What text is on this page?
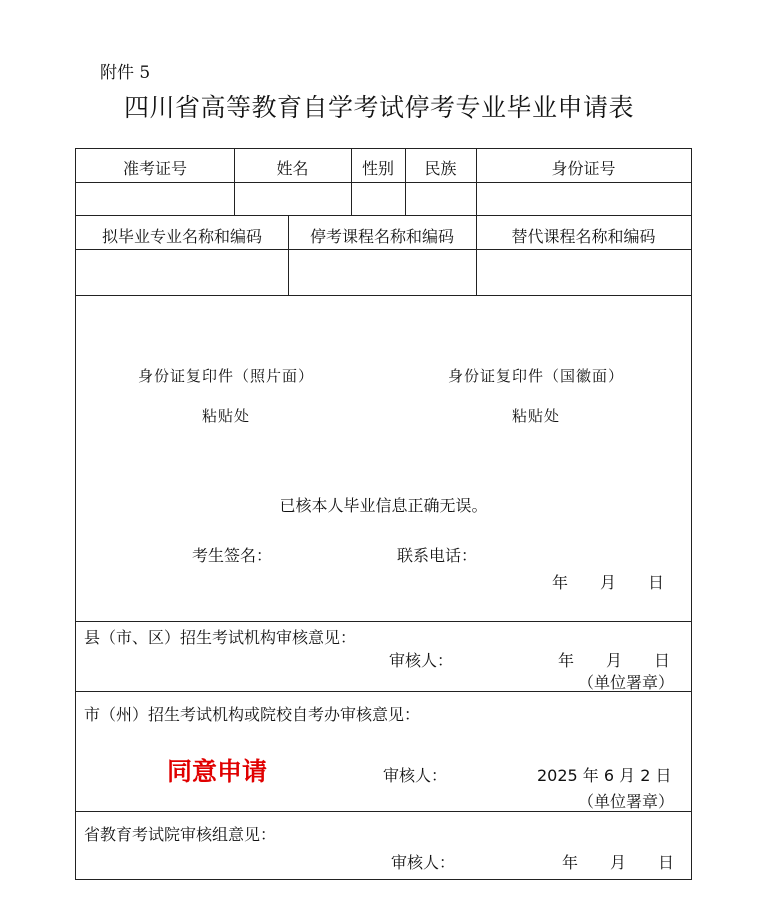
附件 5
四川省高等教育自学考试停考专业毕业申请表
准考证号	姓名	性别	民族	身份证号
拟毕业专业名称和编码	停考课程名称和编码	替代课程名称和编码
身份证复印件（照片面）	身份证复印件（国徽面）
粘贴处	粘贴处
已核本人毕业信息正确无误。
考生签名：	联系电话：
年　　月　　日
县（市、区）招生考试机构审核意见：
审核人：	年　　月　　日
（单位署章）
市（州）招生考试机构或院校自考办审核意见：
同意申请	审核人：	2025 年 6 月 2 日
（单位署章）
省教育考试院审核组意见：
审核人：	年　　月　　日
